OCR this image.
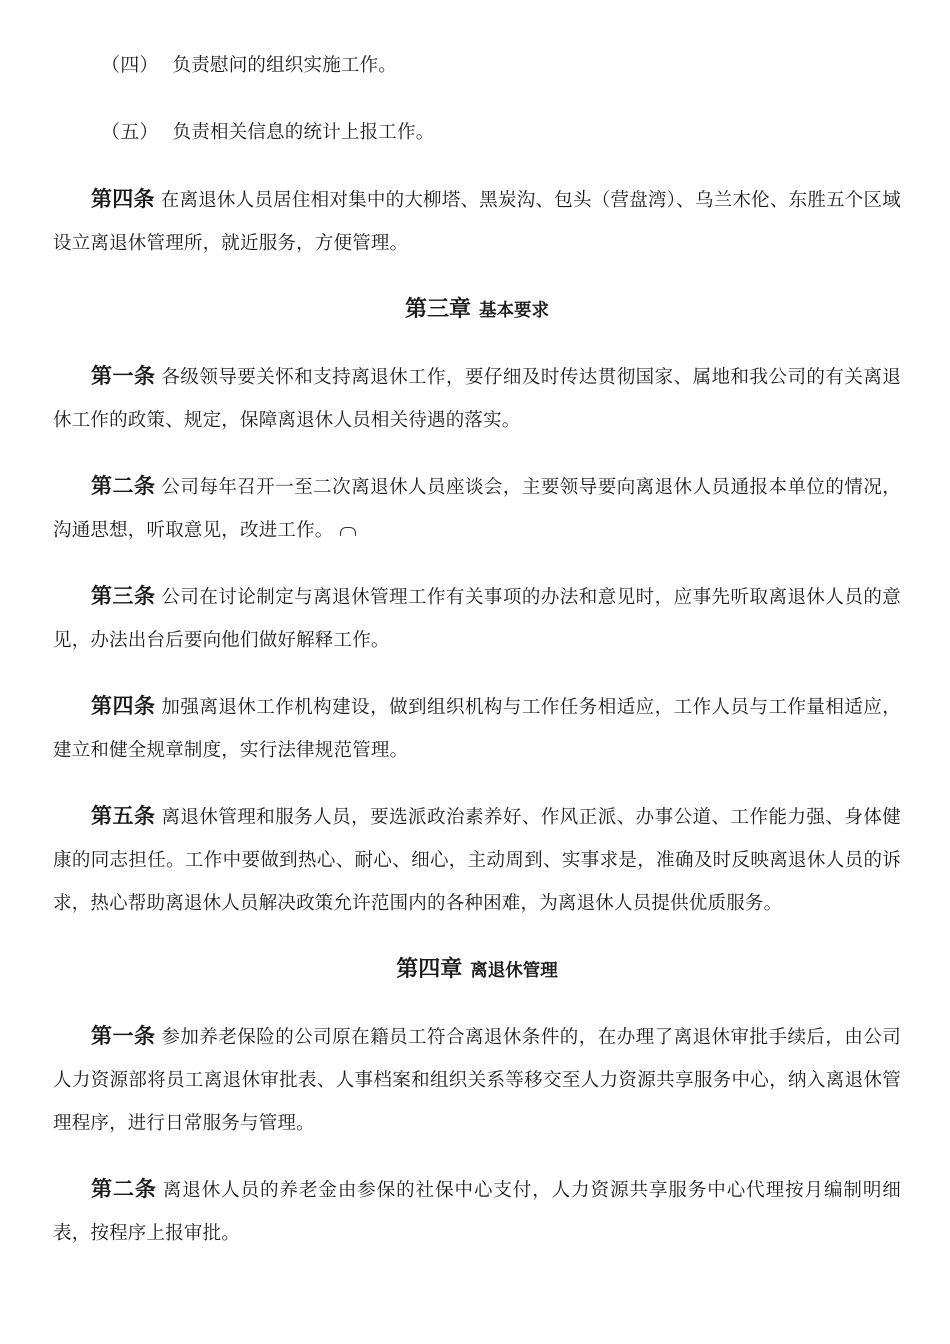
（四） 负责慰问的组织实施工作。

（五） 负责相关信息的统计上报工作。

第四条 在离退休人员居住相对集中的大柳塔、黑炭沟、包头（营盘湾）、乌兰木伦、东胜五个区域设立离退休管理所，就近服务，方便管理。

第三章 基本要求

第一条 各级领导要关怀和支持离退休工作，要仔细及时传达贯彻国家、属地和我公司的有关离退休工作的政策、规定，保障离退休人员相关待遇的落实。

第二条 公司每年召开一至二次离退休人员座谈会，主要领导要向离退休人员通报本单位的情况，沟通思想，听取意见，改进工作。

第三条 公司在讨论制定与离退休管理工作有关事项的办法和意见时，应事先听取离退休人员的意见，办法出台后要向他们做好解释工作。

第四条 加强离退休工作机构建设，做到组织机构与工作任务相适应，工作人员与工作量相适应，建立和健全规章制度，实行法律规范管理。

第五条 离退休管理和服务人员，要选派政治素养好、作风正派、办事公道、工作能力强、身体健康的同志担任。工作中要做到热心、耐心、细心，主动周到、实事求是，准确及时反映离退休人员的诉求，热心帮助离退休人员解决政策允许范围内的各种困难，为离退休人员提供优质服务。

第四章 离退休管理

第一条 参加养老保险的公司原在籍员工符合离退休条件的，在办理了离退休审批手续后，由公司人力资源部将员工离退休审批表、人事档案和组织关系等移交至人力资源共享服务中心，纳入离退休管理程序，进行日常服务与管理。

第二条 离退休人员的养老金由参保的社保中心支付，人力资源共享服务中心代理按月编制明细表，按程序上报审批。
